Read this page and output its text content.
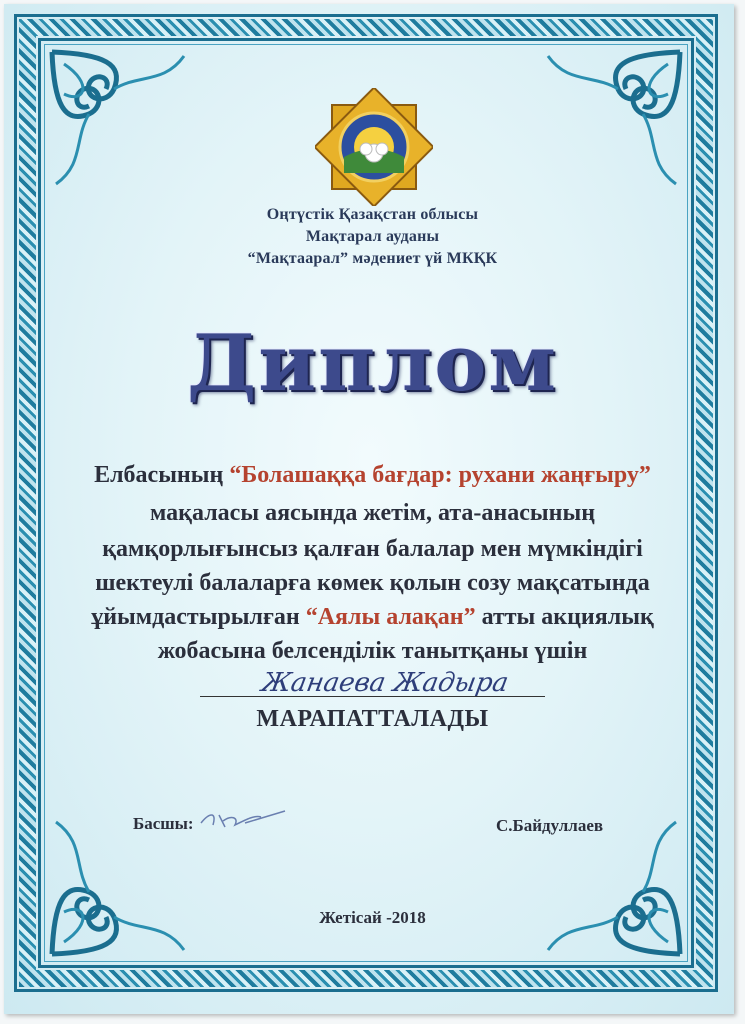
Оңтүстік Қазақстан облысы
Мақтарал ауданы
“Мақтаарал” мәдениет үй МКҚК
Диплом
Елбасының “Болашаққа бағдар: рухани жаңғыру”
мақаласы аясында жетім, ата-анасының
қамқорлығынсыз қалған балалар мен мүмкіндігі
шектеулі балаларға көмек қолын созу мақсатында
ұйымдастырылған “Аялы алақан” атты акциялық
жобасына белсенділік танытқаны үшін
Жанаева Жадыра
МАРАПАТТАЛАДЫ
Басшы:	С.Байдуллаев
Жетісай -2018
